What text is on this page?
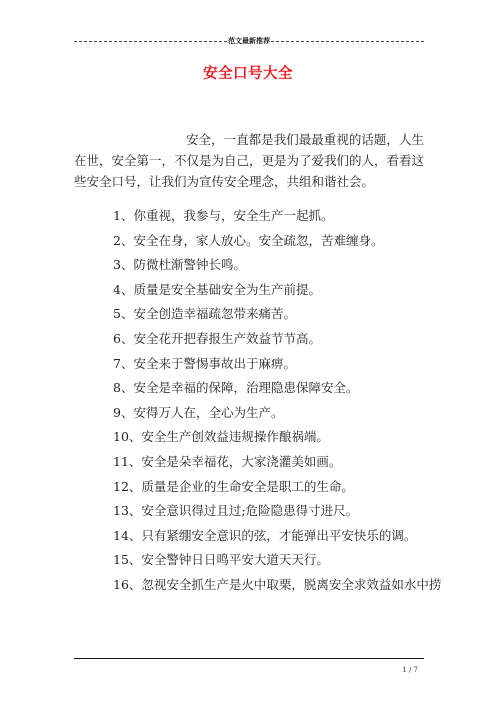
范文最新推荐
安全口号大全

安全，一直都是我们最最重视的话题，人生在世，安全第一，不仅是为自己，更是为了爱我们的人，看看这些安全口号，让我们为宣传安全理念，共组和谐社会。

1、你重视，我参与，安全生产一起抓。
2、安全在身，家人放心。安全疏忽，苦难缠身。
3、防微杜渐警钟长鸣。
4、质量是安全基础安全为生产前提。
5、安全创造幸福疏忽带来痛苦。
6、安全花开把春报生产效益节节高。
7、安全来于警惕事故出于麻痹。
8、安全是幸福的保障，治理隐患保障安全。
9、安得万人在，全心为生产。
10、安全生产创效益违规操作酿祸端。
11、安全是朵幸福花，大家浇灌美如画。
12、质量是企业的生命安全是职工的生命。
13、安全意识得过且过;危险隐患得寸进尺。
14、只有紧绷安全意识的弦，才能弹出平安快乐的调。
15、安全警钟日日鸣平安大道天天行。
16、忽视安全抓生产是火中取栗，脱离安全求效益如水中捞
1 / 7
